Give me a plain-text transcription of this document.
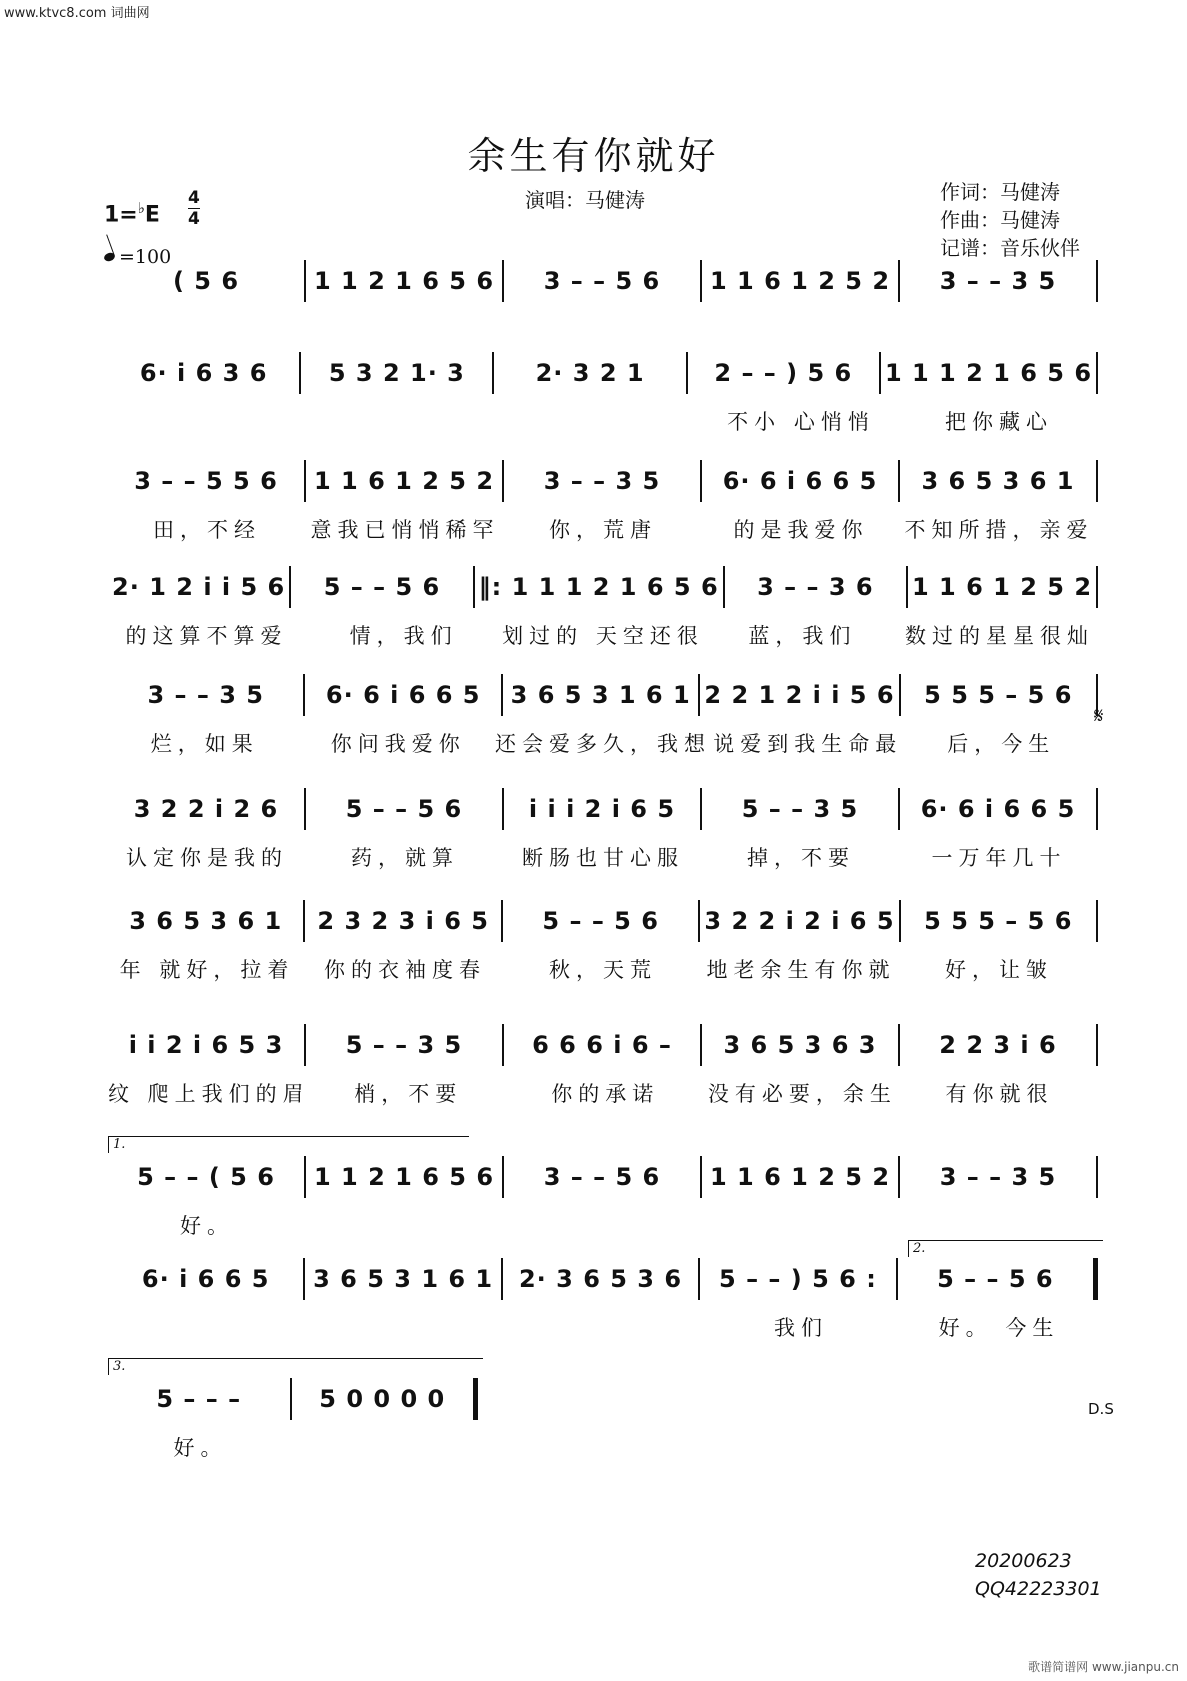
www.ktvc8.com 词曲网
歌谱简谱网 www.jianpu.cn
余生有你就好
演唱：马健涛	作词：马健涛
作曲：马健涛
记谱：音乐伙伴
1=♭E
4
4
=100
( 5 6	1 1 2 1 6 5 6	3 – – 5 6	1 1 6 1 2 5 2	3 – – 3 5
6· i 6 3 6	5 3 2 1· 3	2· 3 2 1	2 – – ) 5 6	1 1 1 2 1 6 5 6
不小 心悄悄	把你藏心
3 – – 5 5 6	1 1 6 1 2 5 2	3 – – 3 5	6· 6 i 6 6 5	3 6 5 3 6 1
田，不经	意我已悄悄稀罕	你，荒唐	的是我爱你	不知所措，亲爱
2· 1 2 i i 5 6	5 – – 5 6	‖: 1 1 1 2 1 6 5 6	3 – – 3 6	1 1 6 1 2 5 2
的这算不算爱	情，我们	划过的 天空还很	蓝，我们	数过的星星很灿
3 – – 3 5	6· 6 i 6 6 5	3 6 5 3 1 6 1 2 2 1 2 i i 5 6	5 5 5 – 5 6
烂，如果	你问我爱你	还会爱多久，我想 说爱到我生命最	后，今生
3 2 2 i 2 6	5 – – 5 6	i i i 2 i 6 5	5 – – 3 5	6· 6 i 6 6 5
认定你是我的	药，就算	断肠也甘心服	掉，不要	一万年几十
3 6 5 3 6 1	2 3 2 3 i 6 5	5 – – 5 6	3 2 2 i 2 i 6 5	5 5 5 – 5 6
年 就好，拉着	你的衣袖度春	秋，天荒	地老余生有你就	好，让皱
i i 2 i 6 5 3	5 – – 3 5	6 6 6 i 6 –	3 6 5 3 6 3	2 2 3 i 6
纹 爬上我们的眉	梢，不要	你的承诺	没有必要，余生	有你就很
5 – – ( 5 6	1 1 2 1 6 5 6	3 – – 5 6	1 1 6 1 2 5 2	3 – – 3 5
好。
6· i 6 6 5	3 6 5 3 1 6 1	2· 3 6 5 3 6	5 – – ) 5 6 :	5 – – 5 6
我们	好。 今生
5 – – –	5 0 0 0 0
好。
1.
2.
3.
𝄋
D.S
20200623
QQ42223301
